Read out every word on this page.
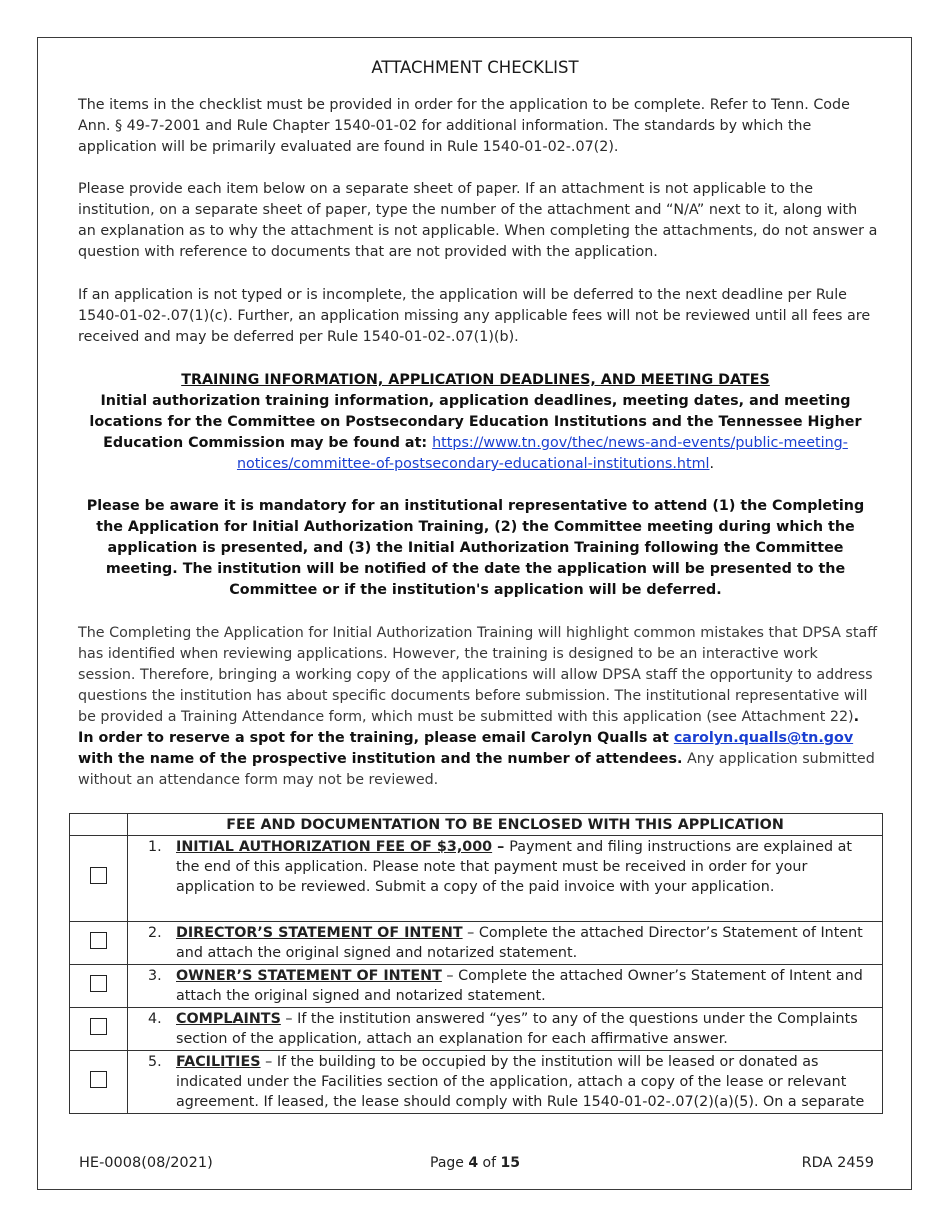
ATTACHMENT CHECKLIST
The items in the checklist must be provided in order for the application to be complete. Refer to Tenn. Code Ann. § 49-7-2001 and Rule Chapter 1540-01-02 for additional information. The standards by which the application will be primarily evaluated are found in Rule 1540-01-02-.07(2).
Please provide each item below on a separate sheet of paper. If an attachment is not applicable to the institution, on a separate sheet of paper, type the number of the attachment and “N/A” next to it, along with an explanation as to why the attachment is not applicable. When completing the attachments, do not answer a question with reference to documents that are not provided with the application.
If an application is not typed or is incomplete, the application will be deferred to the next deadline per Rule 1540-01-02-.07(1)(c). Further, an application missing any applicable fees will not be reviewed until all fees are received and may be deferred per Rule 1540-01-02-.07(1)(b).
TRAINING INFORMATION, APPLICATION DEADLINES, AND MEETING DATES
Initial authorization training information, application deadlines, meeting dates, and meeting locations for the Committee on Postsecondary Education Institutions and the Tennessee Higher Education Commission may be found at: https://www.tn.gov/thec/news-and-events/public-meeting-notices/committee-of-postsecondary-educational-institutions.html.
Please be aware it is mandatory for an institutional representative to attend (1) the Completing the Application for Initial Authorization Training, (2) the Committee meeting during which the application is presented, and (3) the Initial Authorization Training following the Committee meeting. The institution will be notified of the date the application will be presented to the Committee or if the institution's application will be deferred.
The Completing the Application for Initial Authorization Training will highlight common mistakes that DPSA staff has identified when reviewing applications. However, the training is designed to be an interactive work session. Therefore, bringing a working copy of the applications will allow DPSA staff the opportunity to address questions the institution has about specific documents before submission. The institutional representative will be provided a Training Attendance form, which must be submitted with this application (see Attachment 22). In order to reserve a spot for the training, please email Carolyn Qualls at carolyn.qualls@tn.gov with the name of the prospective institution and the number of attendees. Any application submitted without an attendance form may not be reviewed.
	FEE AND DOCUMENTATION TO BE ENCLOSED WITH THIS APPLICATION

	1. INITIAL AUTHORIZATION FEE OF $3,000 – Payment and filing instructions are explained at the end of this application. Please note that payment must be received in order for your application to be reviewed. Submit a copy of the paid invoice with your application.

	2. DIRECTOR’S STATEMENT OF INTENT – Complete the attached Director’s Statement of Intent and attach the original signed and notarized statement.

	3. OWNER’S STATEMENT OF INTENT – Complete the attached Owner’s Statement of Intent and attach the original signed and notarized statement.

	4. COMPLAINTS – If the institution answered “yes” to any of the questions under the Complaints section of the application, attach an explanation for each affirmative answer.

	5. FACILITIES – If the building to be occupied by the institution will be leased or donated as indicated under the Facilities section of the application, attach a copy of the lease or relevant agreement. If leased, the lease should comply with Rule 1540-01-02-.07(2)(a)(5). On a separate
HE-0008(08/2021)	Page 4 of 15	RDA 2459
